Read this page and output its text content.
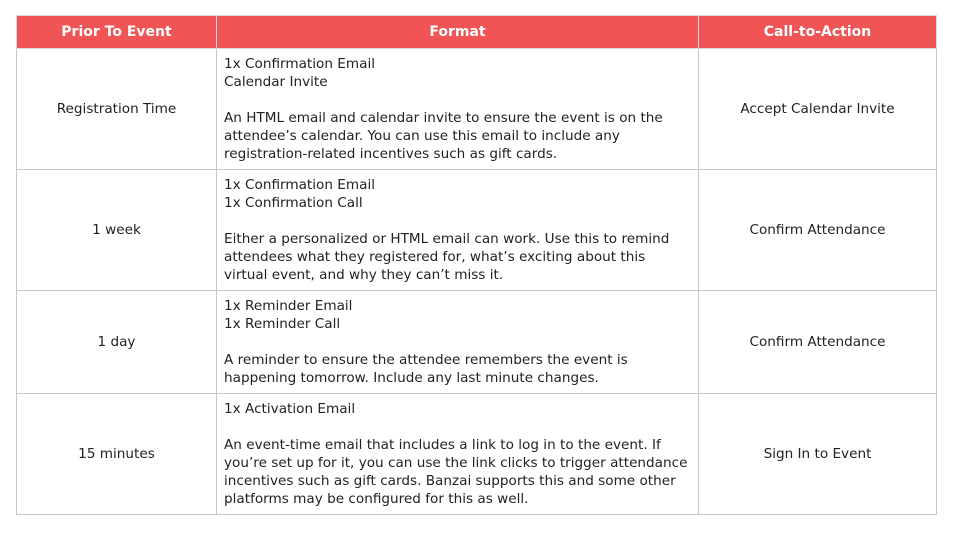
Prior To Event	Format	Call-to-Action
Registration Time	1x Confirmation Email
Calendar Invite
An HTML email and calendar invite to ensure the event is on the attendee’s calendar. You can use this email to include any registration-related incentives such as gift cards.	Accept Calendar Invite
1 week	1x Confirmation Email
1x Confirmation Call
Either a personalized or HTML email can work. Use this to remind attendees what they registered for, what’s exciting about this virtual event, and why they can’t miss it.	Confirm Attendance
1 day	1x Reminder Email
1x Reminder Call
A reminder to ensure the attendee remembers the event is happening tomorrow. Include any last minute changes.	Confirm Attendance
15 minutes	1x Activation Email
An event-time email that includes a link to log in to the event. If you’re set up for it, you can use the link clicks to trigger attendance incentives such as gift cards. Banzai supports this and some other platforms may be configured for this as well.	Sign In to Event
